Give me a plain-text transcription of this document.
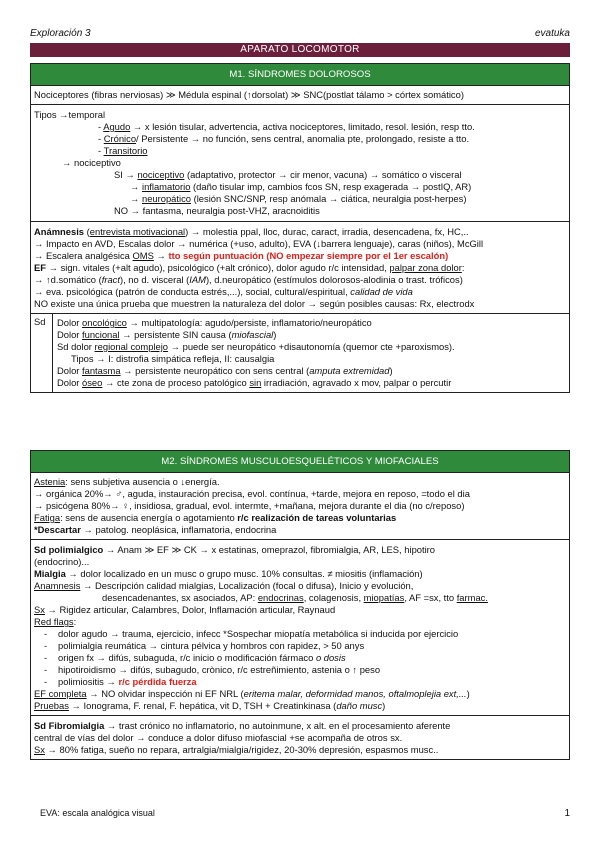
Exploración 3	evatuka
APARATO LOCOMOTOR
M1. SÍNDROMES DOLOROSOS
Nociceptores (fibras nerviosas) ≫ Médula espinal (↑dorsolat) ≫ SNC(postlat tálamo > córtex somático)
Tipos →temporal
- Agudo → x lesión tisular, advertencia, activa nociceptores, limitado, resol. lesión, resp tto.
- Crónico/ Persistente → no función, sens central, anomalia pte, prolongado, resiste a tto.
- Transitorio
→ nociceptivo
SI → nociceptivo (adaptativo, protector → cir menor, vacuna) → somático o visceral
→ inflamatorio (daño tisular imp, cambios fcos SN, resp exagerada → postIQ, AR)
→ neuropático (lesión SNC/SNP, resp anómala → ciática, neuralgia post-herpes)
NO → fantasma, neuralgia post-VHZ, aracnoiditis
Anámnesis (entrevista motivacional) → molestia ppal, lloc, durac, caract, irradia, desencadena, fx, HC,..
→ Impacto en AVD, Escalas dolor → numérica (+uso, adulto), EVA (↓barrera lenguaje), caras (niños), McGill
→ Escalera analgésica OMS → tto según puntuación (NO empezar siempre por el 1er escalón)
EF → sign. vitales (+alt agudo), psicológico (+alt crónico), dolor agudo r/c intensidad, palpar zona dolor:
→ ↑d.somático (fract), no d. visceral (IAM), d.neuropático (estímulos dolorosos-alodinia o trast. tróficos)
→ eva. psicológica (patrón de conducta estrés,...), social, cultural/espiritual, calidad de vida
NO existe una única prueba que muestren la naturaleza del dolor → según posibles causas: Rx, electrodx
Sd	Dolor oncológico → multipatología: agudo/persiste, inflamatorio/neuropático
Dolor funcional → persistente SIN causa (miofascial)
Sd dolor regional complejo → puede ser neuropático +disautonomía (quemor cte +paroxismos).
Tipos → I: distrofia simpática refleja, II: causalgia
Dolor fantasma → persistente neuropático con sens central (amputa extremidad)
Dolor óseo → cte zona de proceso patológico sin irradiación, agravado x mov, palpar o percutir
M2. SÍNDROMES MUSCULOESQUELÉTICOS Y MIOFACIALES
Astenia: sens subjetiva ausencia o ↓energía.
→ orgánica 20%→ ♂, aguda, instauración precisa, evol. contínua, +tarde, mejora en reposo, =todo el dia
→ psicógena 80%→ ♀, insidiosa, gradual, evol. intermte, +mañana, mejora durante el dia (no c/reposo)
Fatiga: sens de ausencia energía o agotamiento r/c realización de tareas voluntarias
*Descartar → patolog. neoplásica, inflamatoria, endocrina
Sd polimialgico → Anam ≫ EF ≫ CK → x estatinas, omeprazol, fibromialgia, AR, LES, hipotiro
(endocrino)...
Mialgia → dolor localizado en un musc o grupo musc. 10% consultas. ≠ miositis (inflamación)
Anamnesis → Descripción calidad mialgias, Localización (focal o difusa), Inicio y evolución,
desencadenantes, sx asociados, AP: endocrinas, colagenosis, miopatías, AF =sx, tto farmac.
Sx → Rigidez articular, Calambres, Dolor, Inflamación articular, Raynaud
Red flags:
- dolor agudo → trauma, ejercicio, infecc *Sospechar miopatía metabólica si inducida por ejercicio
- polimialgia reumática → cintura pélvica y hombros con rapidez, > 50 anys
- origen fx → difús, subaguda, r/c inicio o modificación fármaco o dosis
- hipotiroidismo → difús, subagudo, crònico, r/c estreñimiento, astenia o ↑ peso
- polimiositis → r/c pérdida fuerza
EF completa → NO olvidar inspección ni EF NRL (eritema malar, deformidad manos, oftalmoplejia ext,...)
Pruebas → Ionograma, F. renal, F. hepática, vit D, TSH + Creatinkinasa (daño musc)
Sd Fibromialgia → trast crónico no inflamatorio, no autoinmune, x alt. en el procesamiento aferente
central de vías del dolor → conduce a dolor difuso miofascial +se acompaña de otros sx.
Sx → 80% fatiga, sueño no repara, artralgia/mialgia/rigidez, 20-30% depresión, espasmos musc..
EVA: escala analógica visual	1
